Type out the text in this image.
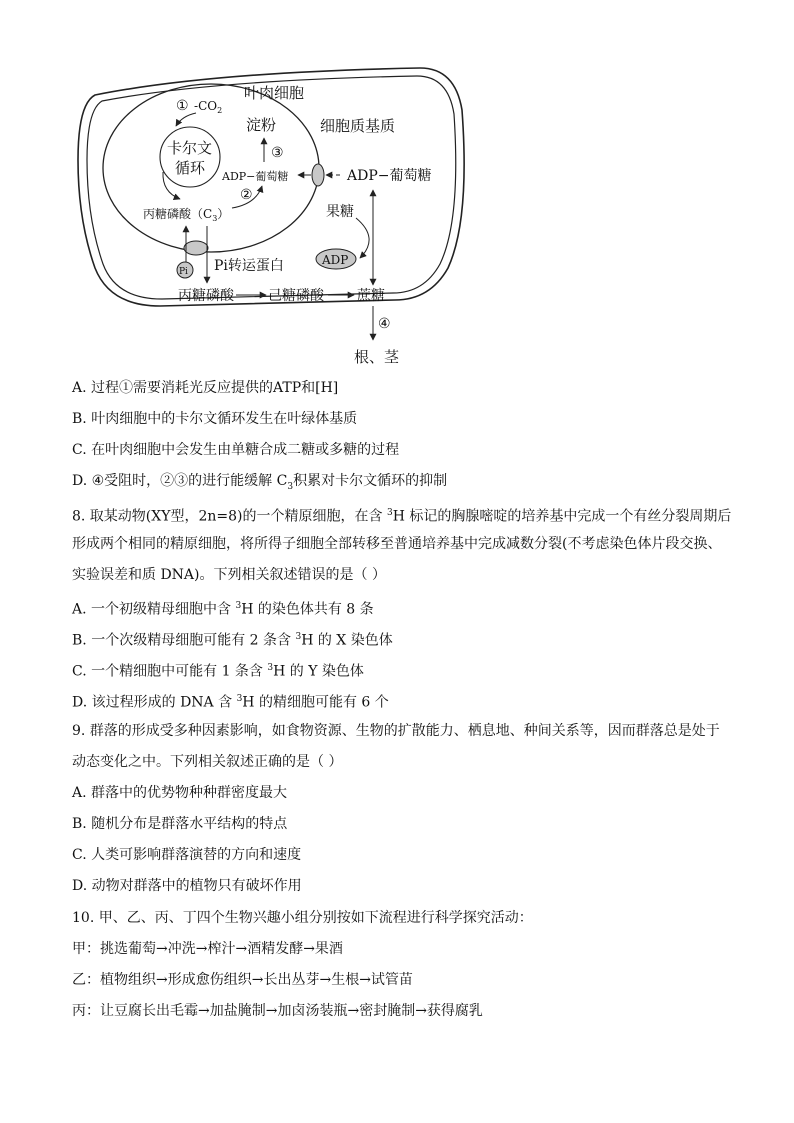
叶肉细胞
细胞质基质
① $-CO_2$
卡尔文
循环
淀粉
③
ADP−葡萄糖
②
丙糖磷酸$(C_3)$
ADP−葡萄糖
果糖
ADP
Pi Pi转运蛋白
丙糖磷酸 己糖磷酸 蔗糖
④
根、茎
A. 过程①需要消耗光反应提供的ATP和[H]
B. 叶肉细胞中的卡尔文循环发生在叶绿体基质
C. 在叶肉细胞中会发生由单糖合成二糖或多糖的过程
D. ④受阻时，②③的进行能缓解 $C_3$积累对卡尔文循环的抑制
8. 取某动物(XY型，2n=8)的一个精原细胞，在含 $^3$H 标记的胸腺嘧啶的培养基中完成一个有丝分裂周期后
形成两个相同的精原细胞，将所得子细胞全部转移至普通培养基中完成减数分裂(不考虑染色体片段交换、
实验误差和质 DNA)。下列相关叙述错误的是（ ）
A. 一个初级精母细胞中含 $^3$H 的染色体共有 8 条
B. 一个次级精母细胞可能有 2 条含 $^3$H 的 X 染色体
C. 一个精细胞中可能有 1 条含 $^3$H 的 Y 染色体
D. 该过程形成的 DNA 含 $^3$H 的精细胞可能有 6 个
9. 群落的形成受多种因素影响，如食物资源、生物的扩散能力、栖息地、种间关系等，因而群落总是处于
动态变化之中。下列相关叙述正确的是（ ）
A. 群落中的优势物种种群密度最大
B. 随机分布是群落水平结构的特点
C. 人类可影响群落演替的方向和速度
D. 动物对群落中的植物只有破坏作用
10. 甲、乙、丙、丁四个生物兴趣小组分别按如下流程进行科学探究活动：
甲：挑选葡萄→冲洗→榨汁→酒精发酵→果酒
乙：植物组织→形成愈伤组织→长出丛芽→生根→试管苗
丙：让豆腐长出毛霉→加盐腌制→加卤汤装瓶→密封腌制→获得腐乳
